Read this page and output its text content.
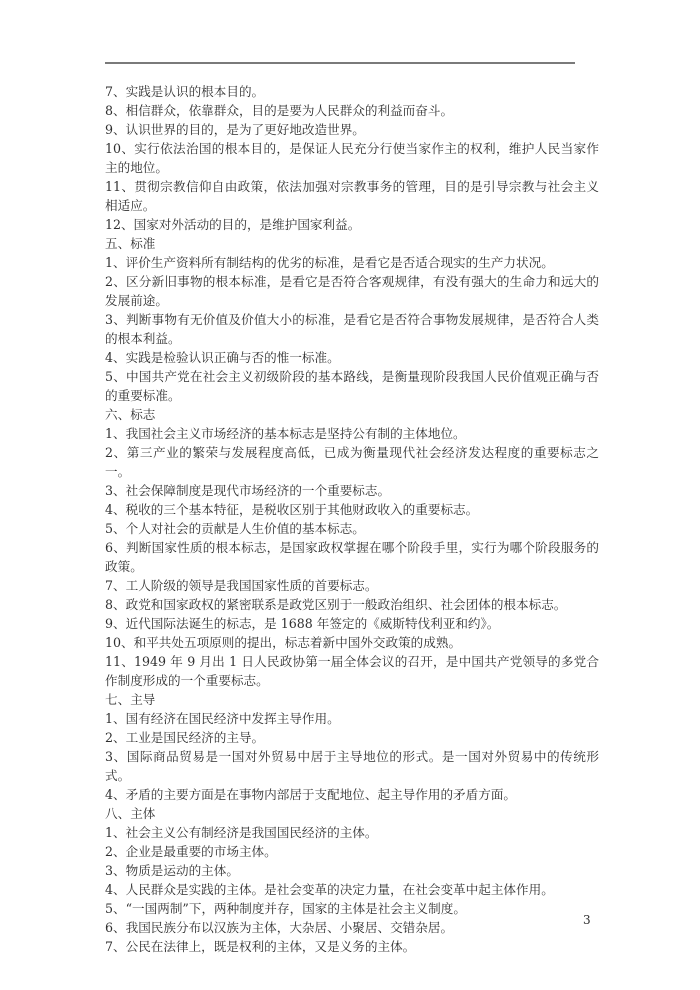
7、实践是认识的根本目的。

8、相信群众，依靠群众，目的是要为人民群众的利益而奋斗。

9、认识世界的目的，是为了更好地改造世界。

10、实行依法治国的根本目的，是保证人民充分行使当家作主的权利，维护人民当家作主的地位。

11、贯彻宗教信仰自由政策，依法加强对宗教事务的管理，目的是引导宗教与社会主义相适应。

12、国家对外活动的目的，是维护国家利益。

五、标准

1、评价生产资料所有制结构的优劣的标准，是看它是否适合现实的生产力状况。

2、区分新旧事物的根本标准，是看它是否符合客观规律，有没有强大的生命力和远大的发展前途。

3、判断事物有无价值及价值大小的标准，是看它是否符合事物发展规律，是否符合人类的根本利益。

4、实践是检验认识正确与否的惟一标准。

5、中国共产党在社会主义初级阶段的基本路线，是衡量现阶段我国人民价值观正确与否的重要标准。

六、标志

1、我国社会主义市场经济的基本标志是坚持公有制的主体地位。

2、第三产业的繁荣与发展程度高低，已成为衡量现代社会经济发达程度的重要标志之一。

3、社会保障制度是现代市场经济的一个重要标志。

4、税收的三个基本特征，是税收区别于其他财政收入的重要标志。

5、个人对社会的贡献是人生价值的基本标志。

6、判断国家性质的根本标志，是国家政权掌握在哪个阶段手里，实行为哪个阶段服务的政策。

7、工人阶级的领导是我国国家性质的首要标志。

8、政党和国家政权的紧密联系是政党区别于一般政治组织、社会团体的根本标志。

9、近代国际法诞生的标志，是 1688 年签定的《威斯特伐利亚和约》。

10、和平共处五项原则的提出，标志着新中国外交政策的成熟。

11、1949 年 9 月出 1 日人民政协第一届全体会议的召开，是中国共产党领导的多党合作制度形成的一个重要标志。

七、主导

1、国有经济在国民经济中发挥主导作用。

2、工业是国民经济的主导。

3、国际商品贸易是一国对外贸易中居于主导地位的形式。是一国对外贸易中的传统形式。

4、矛盾的主要方面是在事物内部居于支配地位、起主导作用的矛盾方面。

八、主体

1、社会主义公有制经济是我国国民经济的主体。

2、企业是最重要的市场主体。

3、物质是运动的主体。

4、人民群众是实践的主体。是社会变革的决定力量，在社会变革中起主体作用。

5、“一国两制”下，两种制度并存，国家的主体是社会主义制度。

6、我国民族分布以汉族为主体，大杂居、小聚居、交错杂居。

7、公民在法律上，既是权利的主体，又是义务的主体。

3
